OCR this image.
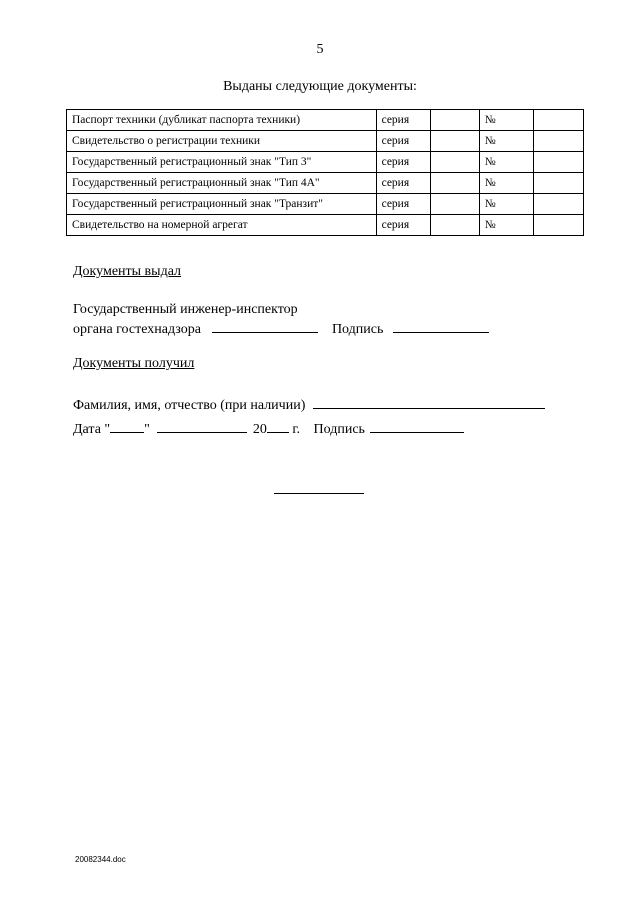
5
Выданы следующие документы:
Паспорт техники (дубликат паспорта техники)	серия		№	
Свидетельство о регистрации техники	серия		№	
Государственный регистрационный знак "Тип 3"	серия		№	
Государственный регистрационный знак "Тип 4А"	серия		№	
Государственный регистрационный знак "Транзит"	серия		№	
Свидетельство на номерной агрегат	серия		№	
Документы выдал
Государственный инженер-инспектор
органа гостехнадзора	Подпись
Документы получил
Фамилия, имя, отчество (при наличии)
Дата " "	20 г. Подпись
20082344.doc
